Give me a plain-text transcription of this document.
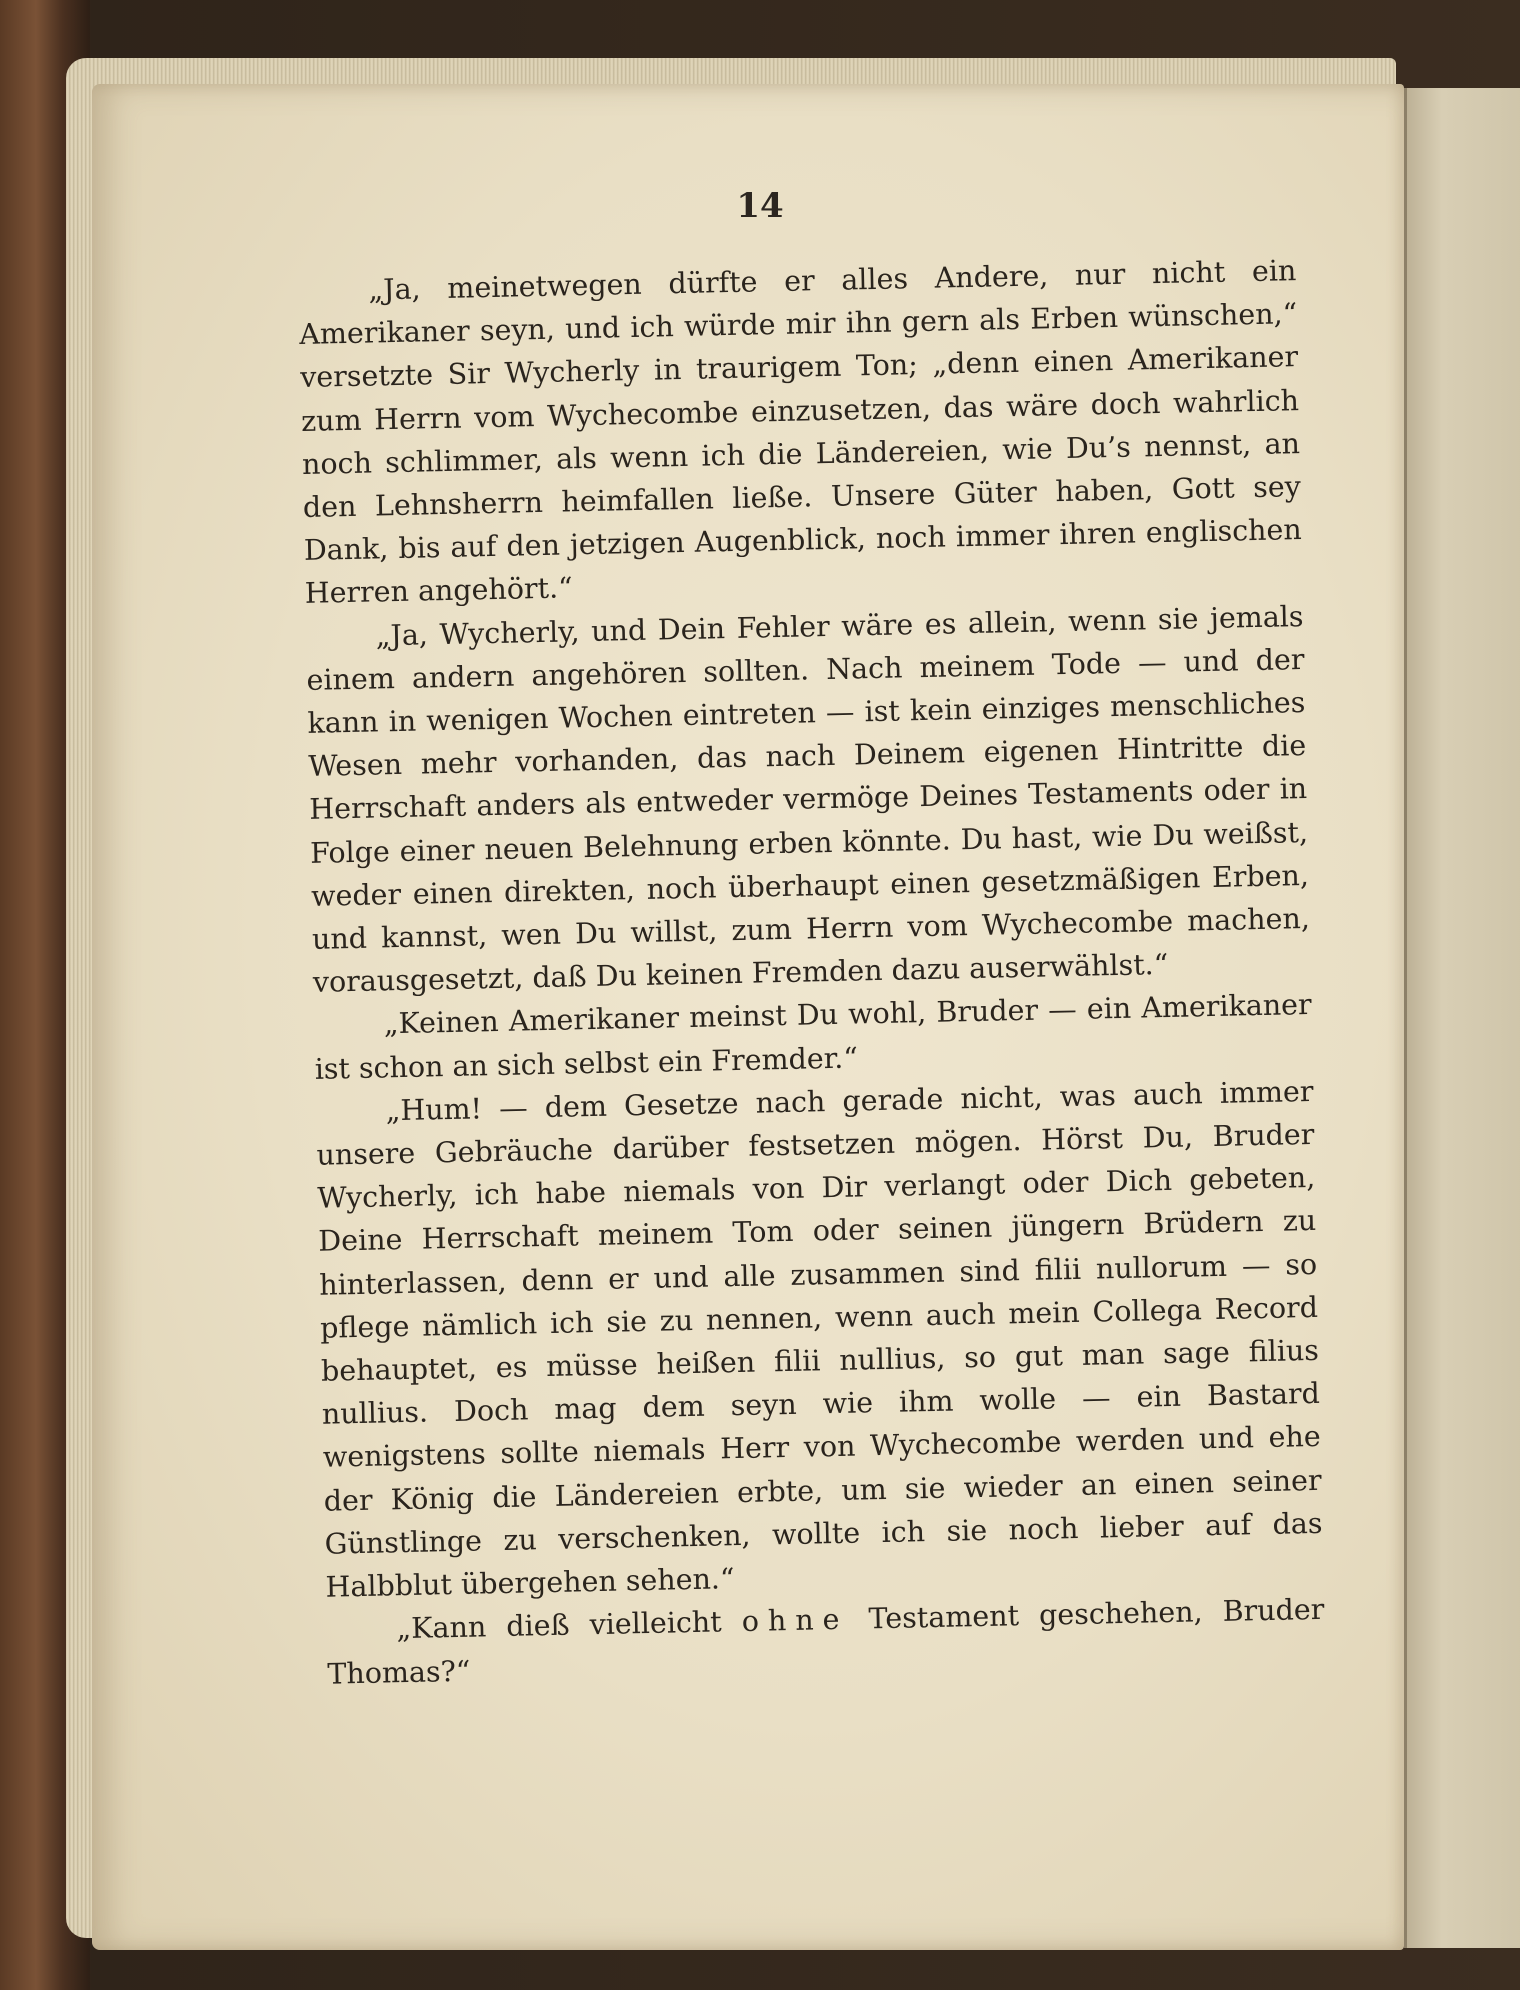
14

„Ja, meinetwegen dürfte er alles Andere, nur nicht ein Amerikaner seyn, und ich würde mir ihn gern als Erben wünschen,“ versetzte Sir Wycherly in traurigem Ton; „denn einen Amerikaner zum Herrn vom Wychecombe einzusetzen, das wäre doch wahrlich noch schlimmer, als wenn ich die Ländereien, wie Du’s nennst, an den Lehnsherrn heimfallen ließe. Unsere Güter haben, Gott sey Dank, bis auf den jetzigen Augenblick, noch immer ihren englischen Herren angehört.“

„Ja, Wycherly, und Dein Fehler wäre es allein, wenn sie jemals einem andern angehören sollten. Nach meinem Tode — und der kann in wenigen Wochen eintreten — ist kein einziges menschliches Wesen mehr vorhanden, das nach Deinem eigenen Hintritte die Herrschaft anders als entweder vermöge Deines Testaments oder in Folge einer neuen Belehnung erben könnte. Du hast, wie Du weißst, weder einen direkten, noch überhaupt einen gesetzmäßigen Erben, und kannst, wen Du willst, zum Herrn vom Wychecombe machen, vorausgesetzt, daß Du keinen Fremden dazu auserwählst.“

„Keinen Amerikaner meinst Du wohl, Bruder — ein Amerikaner ist schon an sich selbst ein Fremder.“

„Hum! — dem Gesetze nach gerade nicht, was auch immer unsere Gebräuche darüber festsetzen mögen. Hörst Du, Bruder Wycherly, ich habe niemals von Dir verlangt oder Dich gebeten, Deine Herrschaft meinem Tom oder seinen jüngern Brüdern zu hinterlassen, denn er und alle zusammen sind filii nullorum — so pflege nämlich ich sie zu nennen, wenn auch mein Collega Record behauptet, es müsse heißen filii nullius, so gut man sage filius nullius. Doch mag dem seyn wie ihm wolle — ein Bastard wenigstens sollte niemals Herr von Wychecombe werden und ehe der König die Ländereien erbte, um sie wieder an einen seiner Günstlinge zu verschenken, wollte ich sie noch lieber auf das Halbblut übergehen sehen.“

„Kann dieß vielleicht ohne Testament geschehen, Bruder Thomas?“
